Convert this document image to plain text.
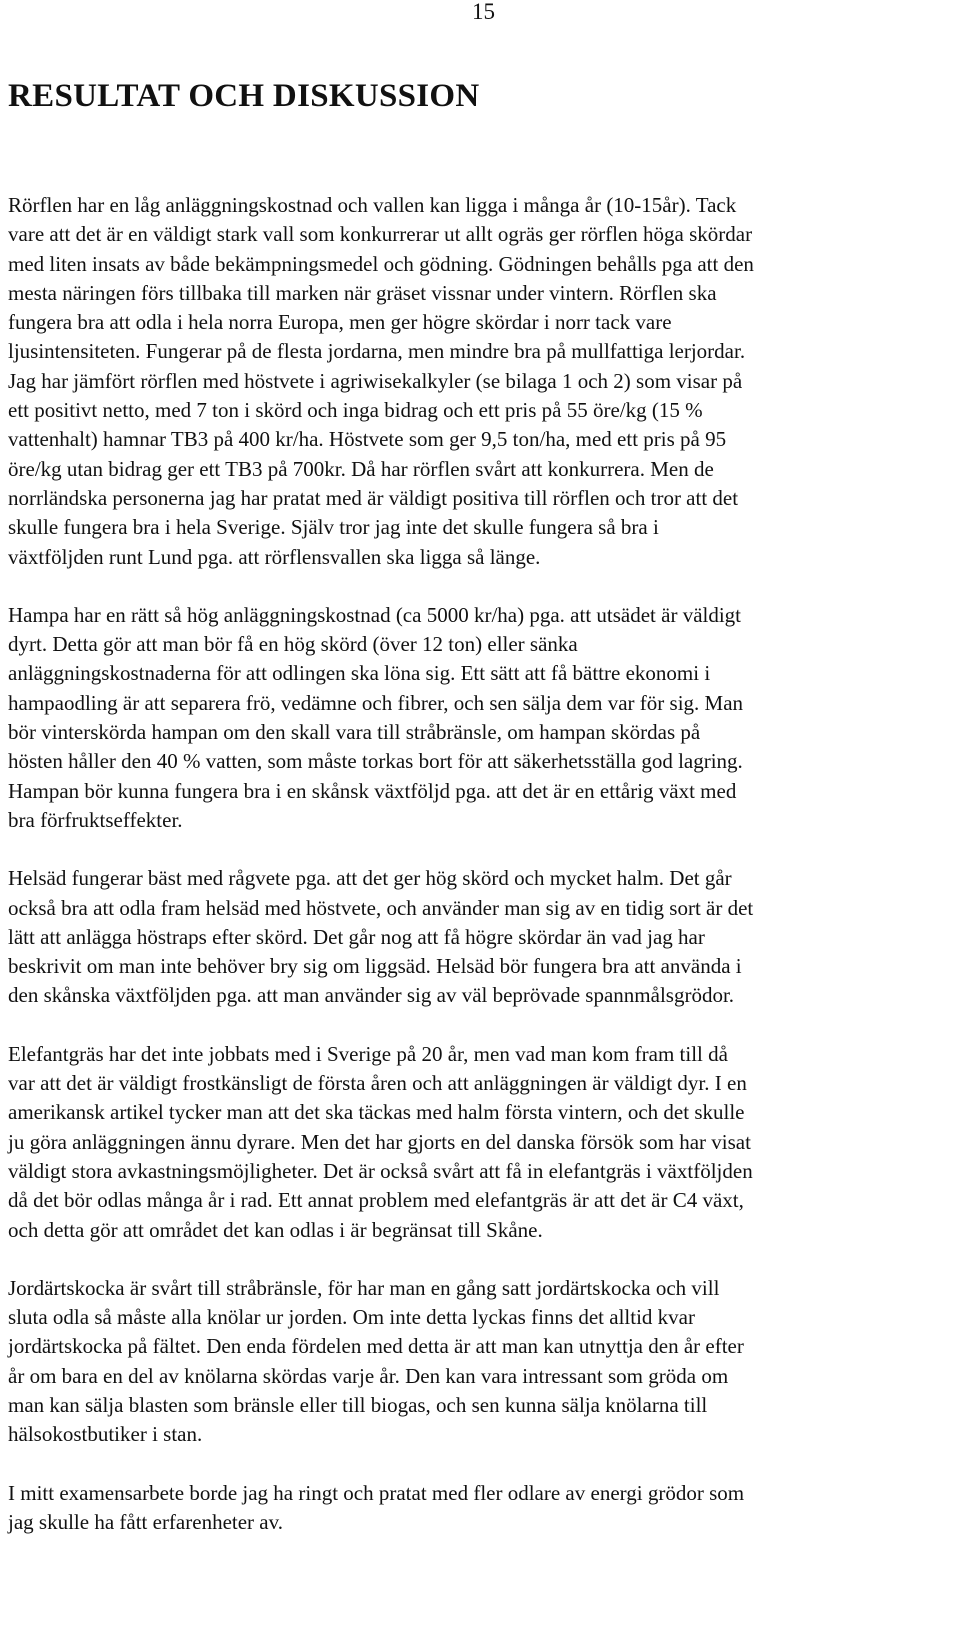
15
RESULTAT OCH DISKUSSION

Rörflen har en låg anläggningskostnad och vallen kan ligga i många år (10-15år). Tack
vare att det är en väldigt stark vall som konkurrerar ut allt ogräs ger rörflen höga skördar
med liten insats av både bekämpningsmedel och gödning. Gödningen behålls pga att den
mesta näringen förs tillbaka till marken när gräset vissnar under vintern. Rörflen ska
fungera bra att odla i hela norra Europa, men ger högre skördar i norr tack vare
ljusintensiteten. Fungerar på de flesta jordarna, men mindre bra på mullfattiga lerjordar.
Jag har jämfört rörflen med höstvete i agriwisekalkyler (se bilaga 1 och 2) som visar på
ett positivt netto, med 7 ton i skörd och inga bidrag och ett pris på 55 öre/kg (15 %
vattenhalt) hamnar TB3 på 400 kr/ha. Höstvete som ger 9,5 ton/ha, med ett pris på 95
öre/kg utan bidrag ger ett TB3 på 700kr. Då har rörflen svårt att konkurrera. Men de
norrländska personerna jag har pratat med är väldigt positiva till rörflen och tror att det
skulle fungera bra i hela Sverige. Själv tror jag inte det skulle fungera så bra i
växtföljden runt Lund pga. att rörflensvallen ska ligga så länge.

Hampa har en rätt så hög anläggningskostnad (ca 5000 kr/ha) pga. att utsädet är väldigt
dyrt. Detta gör att man bör få en hög skörd (över 12 ton) eller sänka
anläggningskostnaderna för att odlingen ska löna sig. Ett sätt att få bättre ekonomi i
hampaodling är att separera frö, vedämne och fibrer, och sen sälja dem var för sig. Man
bör vinterskörda hampan om den skall vara till stråbränsle, om hampan skördas på
hösten håller den 40 % vatten, som måste torkas bort för att säkerhetsställa god lagring.
Hampan bör kunna fungera bra i en skånsk växtföljd pga. att det är en ettårig växt med
bra förfruktseffekter.

Helsäd fungerar bäst med rågvete pga. att det ger hög skörd och mycket halm. Det går
också bra att odla fram helsäd med höstvete, och använder man sig av en tidig sort är det
lätt att anlägga höstraps efter skörd. Det går nog att få högre skördar än vad jag har
beskrivit om man inte behöver bry sig om liggsäd. Helsäd bör fungera bra att använda i
den skånska växtföljden pga. att man använder sig av väl beprövade spannmålsgrödor.

Elefantgräs har det inte jobbats med i Sverige på 20 år, men vad man kom fram till då
var att det är väldigt frostkänsligt de första åren och att anläggningen är väldigt dyr. I en
amerikansk artikel tycker man att det ska täckas med halm första vintern, och det skulle
ju göra anläggningen ännu dyrare. Men det har gjorts en del danska försök som har visat
väldigt stora avkastningsmöjligheter. Det är också svårt att få in elefantgräs i växtföljden
då det bör odlas många år i rad. Ett annat problem med elefantgräs är att det är C4 växt,
och detta gör att området det kan odlas i är begränsat till Skåne.

Jordärtskocka är svårt till stråbränsle, för har man en gång satt jordärtskocka och vill
sluta odla så måste alla knölar ur jorden. Om inte detta lyckas finns det alltid kvar
jordärtskocka på fältet. Den enda fördelen med detta är att man kan utnyttja den år efter
år om bara en del av knölarna skördas varje år. Den kan vara intressant som gröda om
man kan sälja blasten som bränsle eller till biogas, och sen kunna sälja knölarna till
hälsokostbutiker i stan.

I mitt examensarbete borde jag ha ringt och pratat med fler odlare av energi grödor som
jag skulle ha fått erfarenheter av.
